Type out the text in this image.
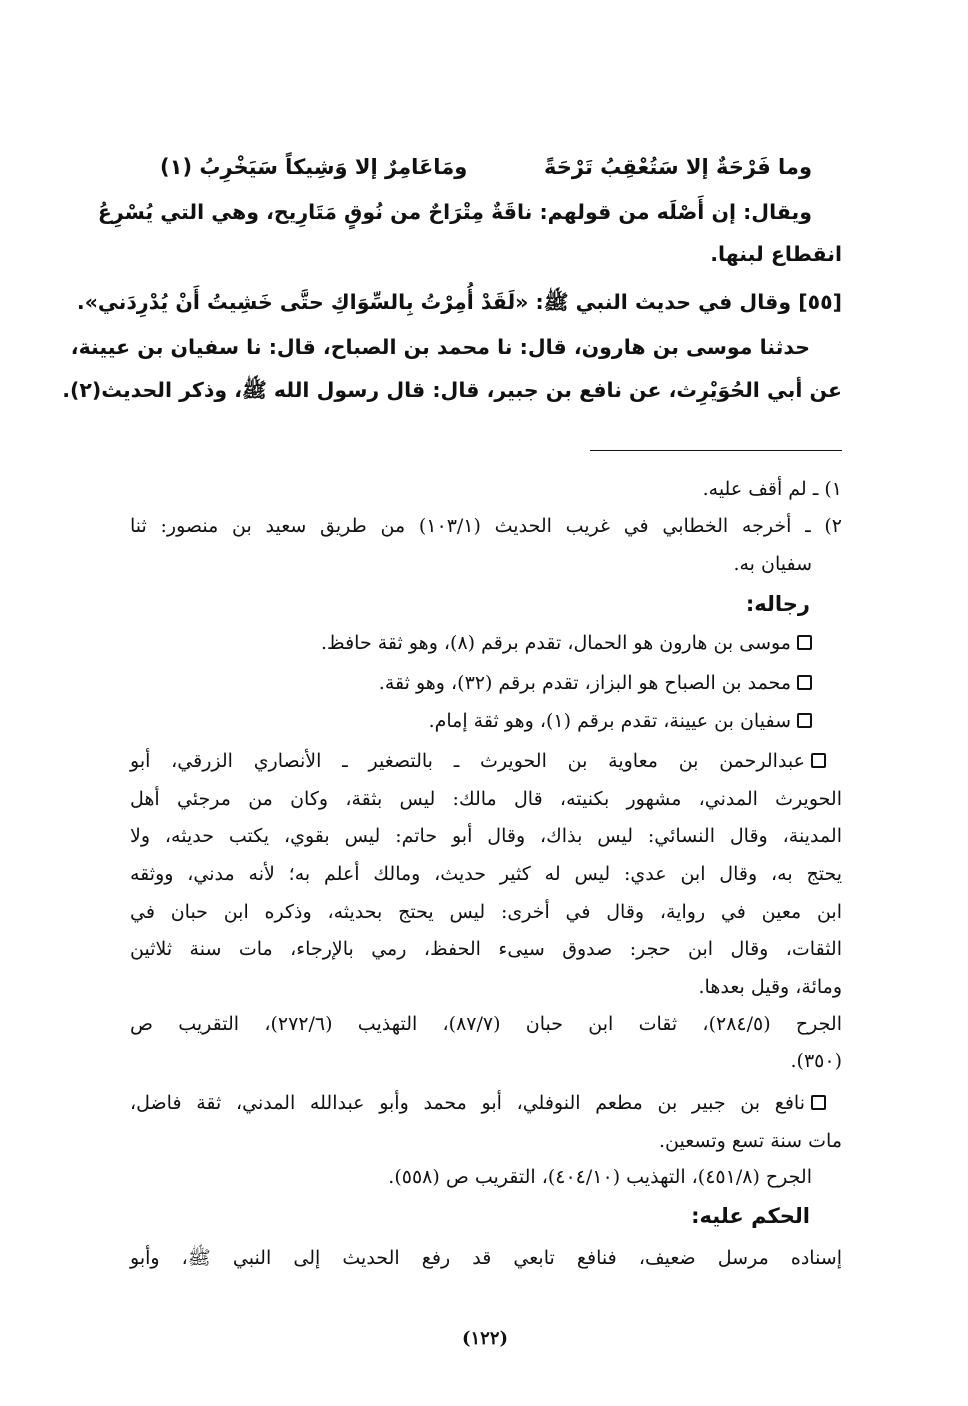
وما فَرْحَةٌ إلا سَتُعْقِبُ تَرْحَةً
ومَاعَامِرٌ إلا وَشِيكاً سَيَخْرِبُ (١)
ويقال: إن أَصْلَه من قولهم: ناقَةٌ مِتْرَاحٌ من نُوقٍ مَتَارِيح، وهي التي يُسْرِعُ
انقطاع لبنها.
[٥٥] وقال في حديث النبي ﷺ: «لَقَدْ أُمِرْتُ بِالسِّوَاكِ حتَّى خَشِيتُ أَنْ يُدْرِدَني».
حدثنا موسى بن هارون، قال: نا محمد بن الصباح، قال: نا سفيان بن عيينة،
عن أبي الحُوَيْرِث، عن نافع بن جبير، قال: قال رسول الله ﷺ، وذكر الحديث(٢).
١) ـ لم أقف عليه.
٢) ـ أخرجه الخطابي في غريب الحديث (١٠٣/١) من طريق سعيد بن منصور: ثنا
سفيان به.
رجاله:
موسى بن هارون هو الحمال، تقدم برقم (٨)، وهو ثقة حافظ.
محمد بن الصباح هو البزاز، تقدم برقم (٣٢)، وهو ثقة.
سفيان بن عيينة، تقدم برقم (١)، وهو ثقة إمام.
عبدالرحمن بن معاوية بن الحويرث ـ بالتصغير ـ الأنصاري الزرقي، أبو
الحويرث المدني، مشهور بكنيته، قال مالك: ليس بثقة، وكان من مرجئي أهل
المدينة، وقال النسائي: ليس بذاك، وقال أبو حاتم: ليس بقوي، يكتب حديثه، ولا
يحتج به، وقال ابن عدي: ليس له كثير حديث، ومالك أعلم به؛ لأنه مدني، ووثقه
ابن معين في رواية، وقال في أخرى: ليس يحتج بحديثه، وذكره ابن حبان في
الثقات، وقال ابن حجر: صدوق سيىء الحفظ، رمي بالإرجاء، مات سنة ثلاثين
ومائة، وقيل بعدها.
الجرح (٢٨٤/٥)، ثقات ابن حبان (٨٧/٧)، التهذيب (٢٧٢/٦)، التقريب ص
(٣٥٠).
نافع بن جبير بن مطعم النوفلي، أبو محمد وأبو عبدالله المدني، ثقة فاضل،
مات سنة تسع وتسعين.
الجرح (٤٥١/٨)، التهذيب (٤٠٤/١٠)، التقريب ص (٥٥٨).
الحكم عليه:
إسناده مرسل ضعيف، فنافع تابعي قد رفع الحديث إلى النبي ﷺ، وأبو
(١٢٢)
